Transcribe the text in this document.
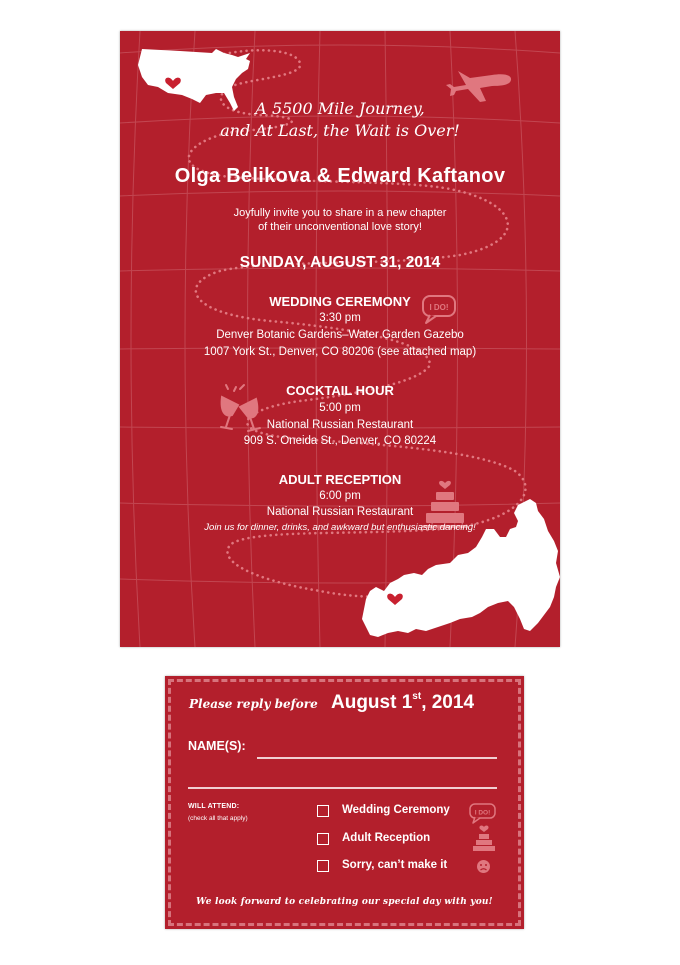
I DO!
A 5500 Mile Journey,
and At Last, the Wait is Over!
Olga Belikova & Edward Kaftanov
Joyfully invite you to share in a new chapter
of their unconventional love story!
SUNDAY, AUGUST 31, 2014
WEDDING CEREMONY
3:30 pm
Denver Botanic Gardens–Water Garden Gazebo
1007 York St., Denver, CO 80206 (see attached map)
COCKTAIL HOUR
5:00 pm
National Russian Restaurant
909 S. Oneida St., Denver, CO 80224
ADULT RECEPTION
6:00 pm
National Russian Restaurant
Join us for dinner, drinks, and awkward but enthusiastic dancing!
Please reply before August 1st, 2014
NAME(S):
WILL ATTEND:
(check all that apply)
Wedding Ceremony	I DO!
Adult Reception
Sorry, can’t make it
We look forward to celebrating our special day with you!
